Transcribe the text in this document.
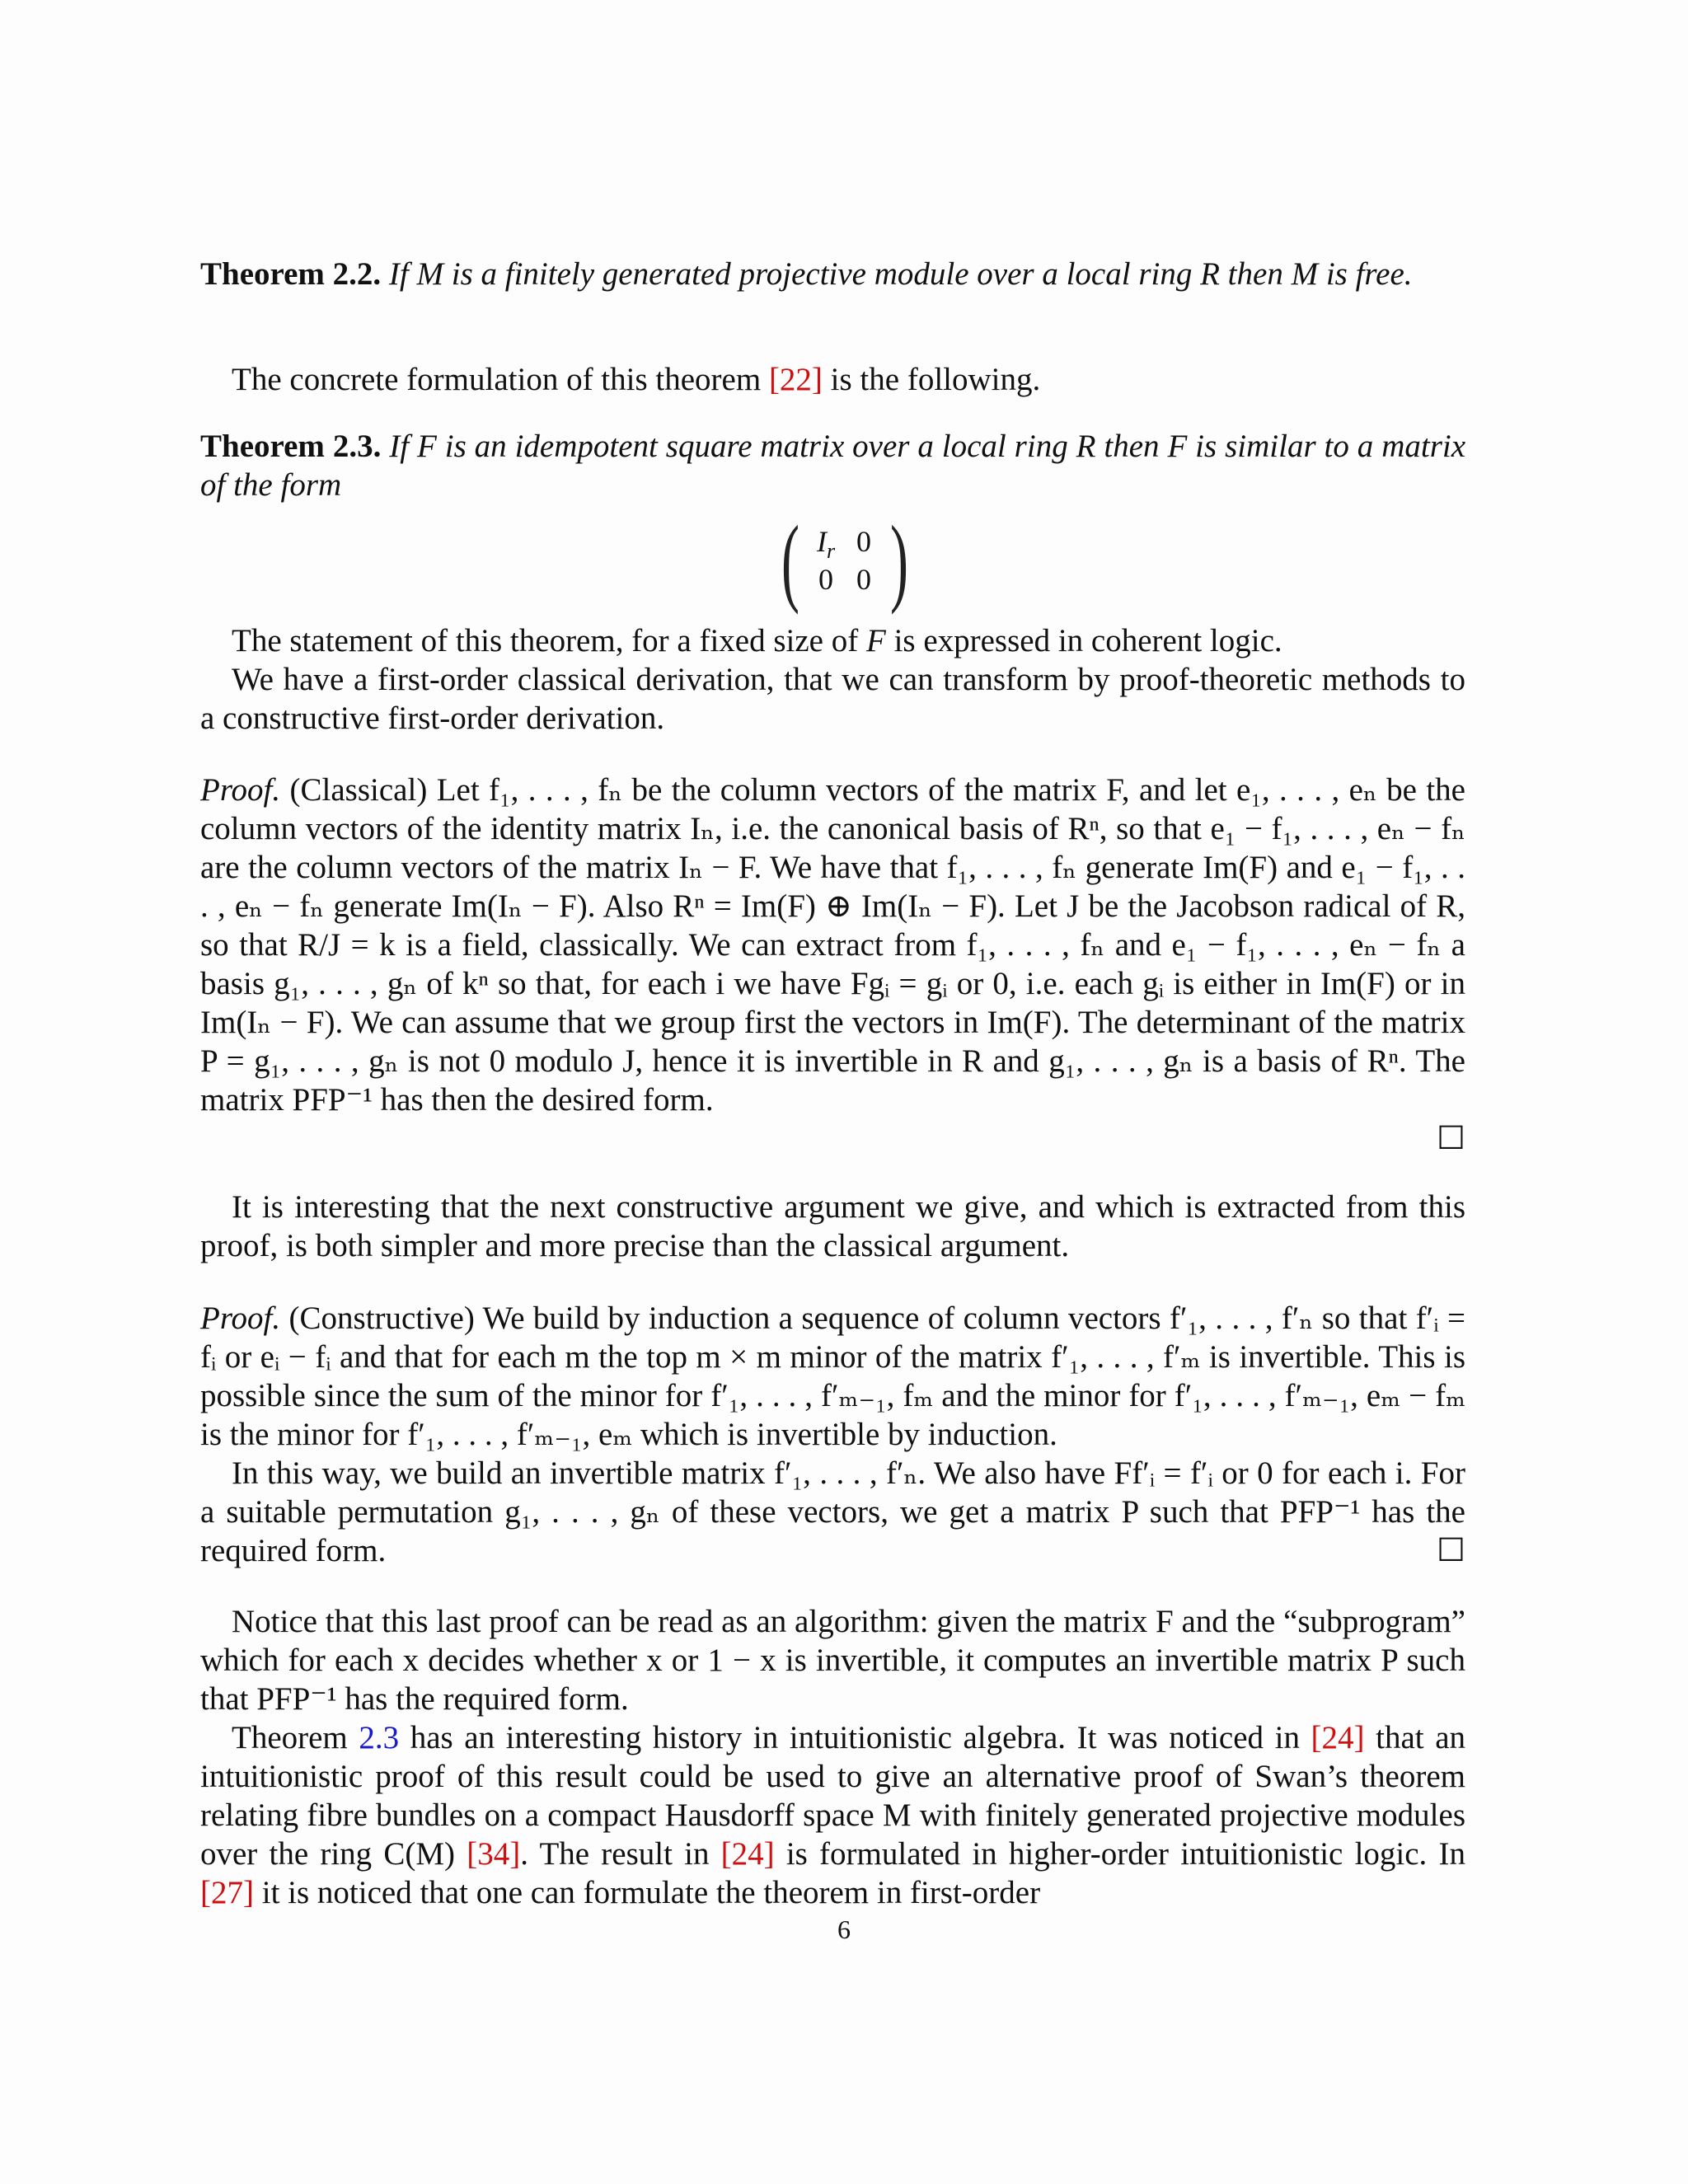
Theorem 2.2. If M is a finitely generated projective module over a local ring R then M is free.

The concrete formulation of this theorem [22] is the following.

Theorem 2.3. If F is an idempotent square matrix over a local ring R then F is similar to a matrix of the form

( $I_r$ 0
0 0 )

The statement of this theorem, for a fixed size of F is expressed in coherent logic.

We have a first-order classical derivation, that we can transform by proof-theoretic methods to a constructive first-order derivation.

Proof. (Classical) Let f₁, . . . , fₙ be the column vectors of the matrix F, and let e₁, . . . , eₙ be the column vectors of the identity matrix Iₙ, i.e. the canonical basis of Rⁿ, so that e₁ − f₁, . . . , eₙ − fₙ are the column vectors of the matrix Iₙ − F. We have that f₁, . . . , fₙ generate Im(F) and e₁ − f₁, . . . , eₙ − fₙ generate Im(Iₙ − F). Also Rⁿ = Im(F) ⊕ Im(Iₙ − F). Let J be the Jacobson radical of R, so that R/J = k is a field, classically. We can extract from f₁, . . . , fₙ and e₁ − f₁, . . . , eₙ − fₙ a basis g₁, . . . , gₙ of kⁿ so that, for each i we have Fgᵢ = gᵢ or 0, i.e. each gᵢ is either in Im(F) or in Im(Iₙ − F). We can assume that we group first the vectors in Im(F). The determinant of the matrix P = g₁, . . . , gₙ is not 0 modulo J, hence it is invertible in R and g₁, . . . , gₙ is a basis of Rⁿ. The matrix PFP⁻¹ has then the desired form.
☐

It is interesting that the next constructive argument we give, and which is extracted from this proof, is both simpler and more precise than the classical argument.

Proof. (Constructive) We build by induction a sequence of column vectors f′₁, . . . , f′ₙ so that f′ᵢ = fᵢ or eᵢ − fᵢ and that for each m the top m × m minor of the matrix f′₁, . . . , f′ₘ is invertible. This is possible since the sum of the minor for f′₁, . . . , f′ₘ₋₁, fₘ and the minor for f′₁, . . . , f′ₘ₋₁, eₘ − fₘ is the minor for f′₁, . . . , f′ₘ₋₁, eₘ which is invertible by induction.

In this way, we build an invertible matrix f′₁, . . . , f′ₙ. We also have Ff′ᵢ = f′ᵢ or 0 for each i. For a suitable permutation g₁, . . . , gₙ of these vectors, we get a matrix P such that PFP⁻¹ has the required form.	☐

Notice that this last proof can be read as an algorithm: given the matrix F and the “subprogram” which for each x decides whether x or 1 − x is invertible, it computes an invertible matrix P such that PFP⁻¹ has the required form.

Theorem 2.3 has an interesting history in intuitionistic algebra. It was noticed in [24] that an intuitionistic proof of this result could be used to give an alternative proof of Swan’s theorem relating fibre bundles on a compact Hausdorff space M with finitely generated projective modules over the ring C(M) [34]. The result in [24] is formulated in higher-order intuitionistic logic. In [27] it is noticed that one can formulate the theorem in first-order

6
